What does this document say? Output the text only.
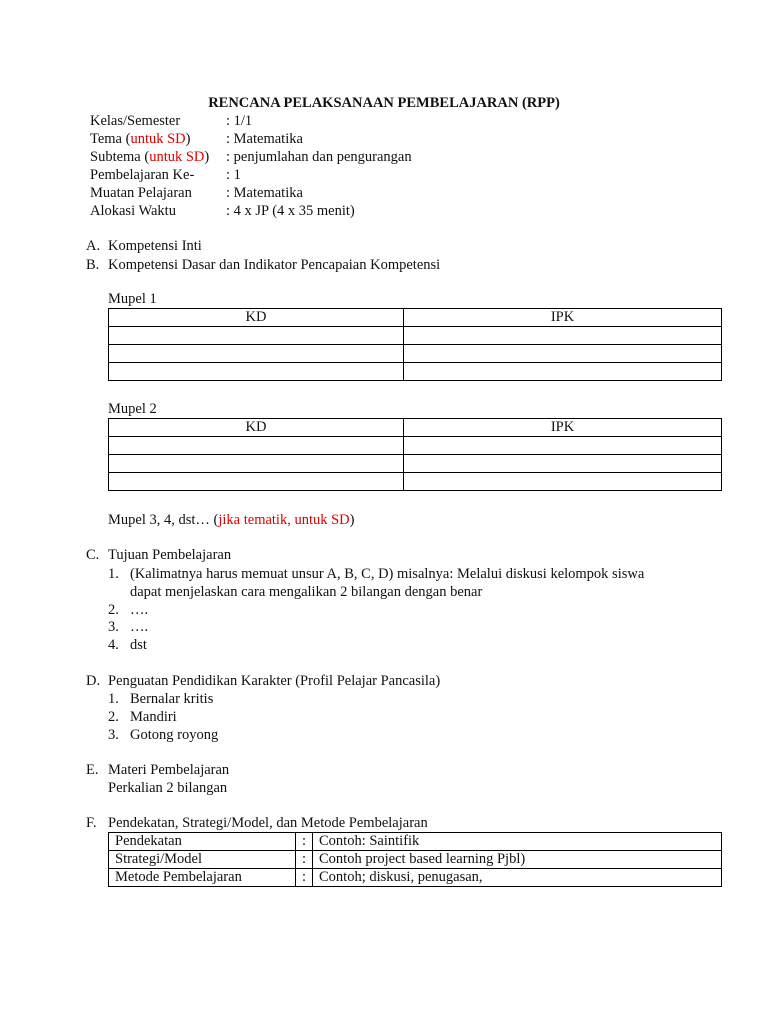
RENCANA PELAKSANAAN PEMBELAJARAN (RPP)
Kelas/Semester	: 1/1
Tema (untuk SD) : Matematika
Subtema (untuk SD) : penjumlahan dan pengurangan
Pembelajaran Ke- : 1
Muatan Pelajaran : Matematika
Alokasi Waktu	: 4 x JP (4 x 35 menit)
A. Kompetensi Inti
B. Kompetensi Dasar dan Indikator Pencapaian Kompetensi
Mupel 1
KD	IPK

Mupel 2
KD	IPK

Mupel 3, 4, dst… (jika tematik, untuk SD)
C. Tujuan Pembelajaran
1. (Kalimatnya harus memuat unsur A, B, C, D) misalnya: Melalui diskusi kelompok siswa
dapat menjelaskan cara mengalikan 2 bilangan dengan benar
2. ….
3. ….
4. dst
D. Penguatan Pendidikan Karakter (Profil Pelajar Pancasila)
1. Bernalar kritis
2. Mandiri
3. Gotong royong
E. Materi Pembelajaran
Perkalian 2 bilangan
F. Pendekatan, Strategi/Model, dan Metode Pembelajaran
Pendekatan	:	Contoh: Saintifik
Strategi/Model	:	Contoh project based learning Pjbl)
Metode Pembelajaran	:	Contoh; diskusi, penugasan,
